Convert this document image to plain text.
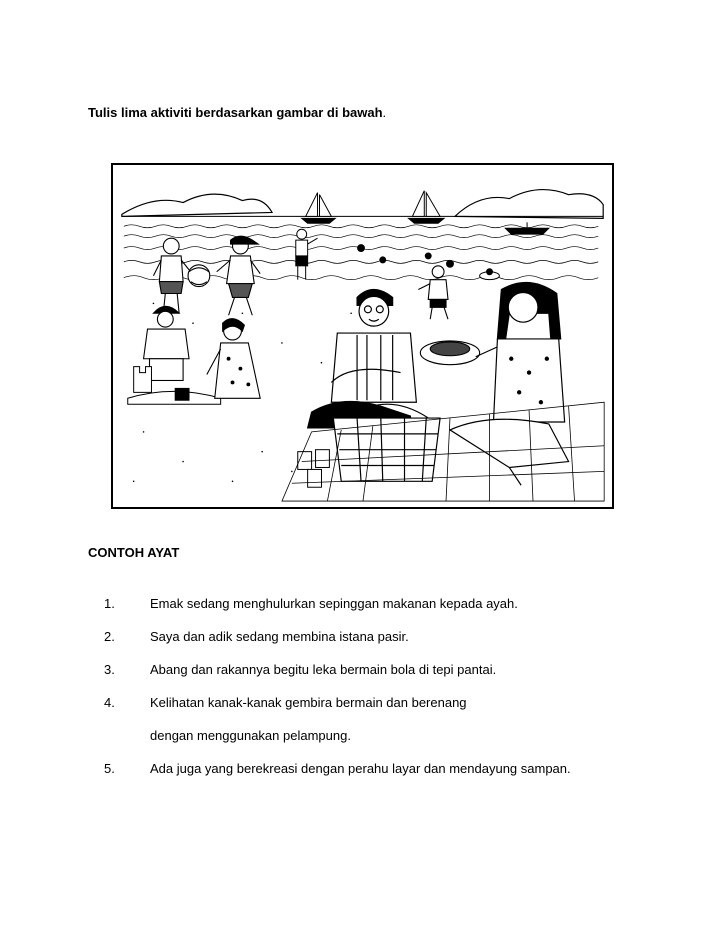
Tulis lima aktiviti berdasarkan gambar di bawah.
CONTOH AYAT
1.	Emak sedang menghulurkan sepinggan makanan kepada ayah.
2.	Saya dan adik sedang membina istana pasir.
3.	Abang dan rakannya begitu leka bermain bola di tepi pantai.
4.	Kelihatan kanak-kanak gembira bermain dan berenang
dengan menggunakan pelampung.
5.	Ada juga yang berekreasi dengan perahu layar dan mendayung sampan.
